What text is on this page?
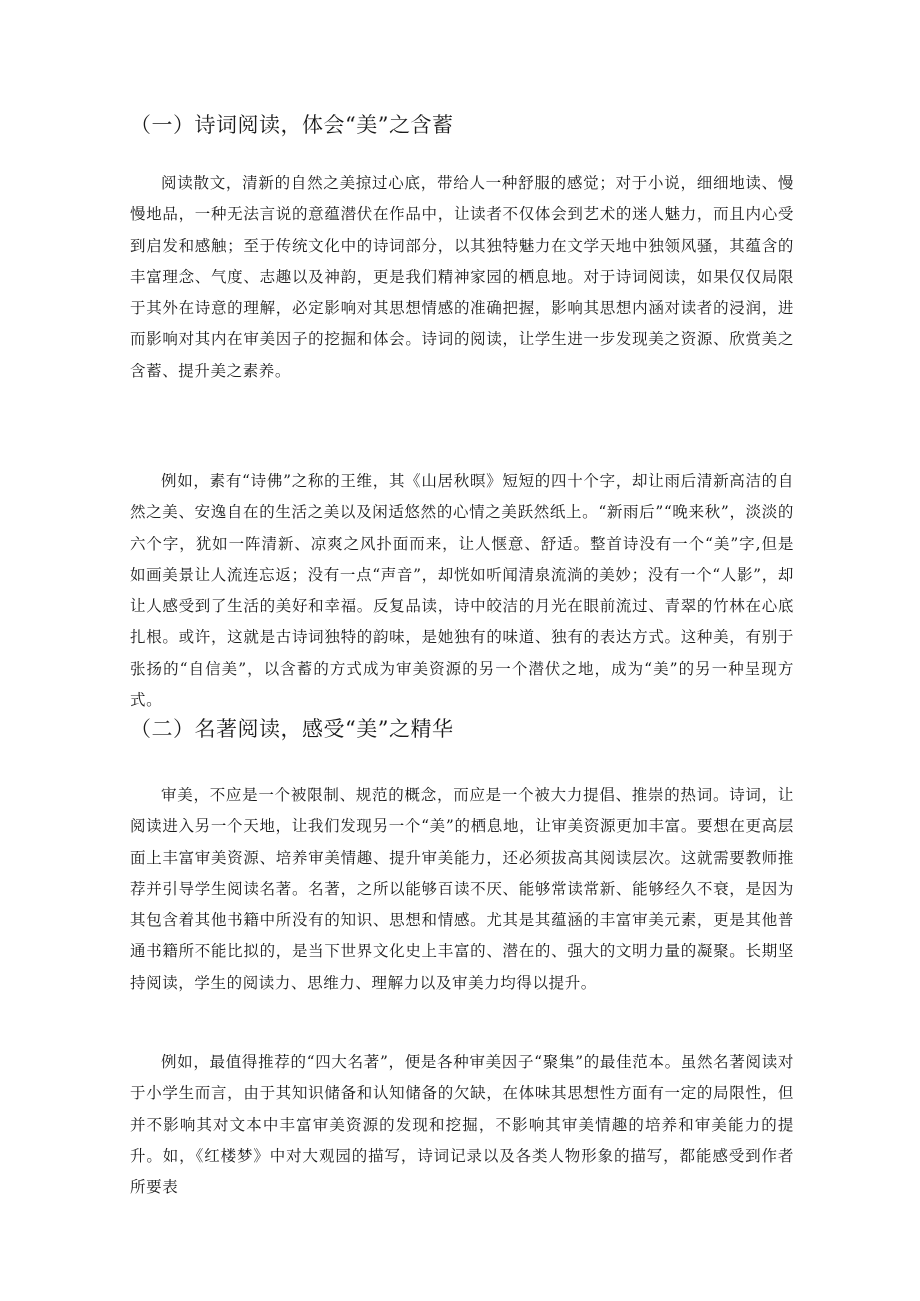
（一）诗词阅读，体会“美”之含蓄

阅读散文，清新的自然之美掠过心底，带给人一种舒服的感觉；对于小说，细细地读、慢慢地品，一种无法言说的意蕴潜伏在作品中，让读者不仅体会到艺术的迷人魅力，而且内心受到启发和感触；至于传统文化中的诗词部分，以其独特魅力在文学天地中独领风骚，其蕴含的丰富理念、气度、志趣以及神韵，更是我们精神家园的栖息地。对于诗词阅读，如果仅仅局限于其外在诗意的理解，必定影响对其思想情感的准确把握，影响其思想内涵对读者的浸润，进而影响对其内在审美因子的挖掘和体会。诗词的阅读，让学生进一步发现美之资源、欣赏美之含蓄、提升美之素养。

例如，素有“诗佛”之称的王维，其《山居秋暝》短短的四十个字，却让雨后清新高洁的自然之美、安逸自在的生活之美以及闲适悠然的心情之美跃然纸上。“新雨后”“晚来秋”，淡淡的六个字，犹如一阵清新、凉爽之风扑面而来，让人惬意、舒适。整首诗没有一个“美”字,但是如画美景让人流连忘返；没有一点“声音”，却恍如听闻清泉流淌的美妙；没有一个“人影”，却让人感受到了生活的美好和幸福。反复品读，诗中皎洁的月光在眼前流过、青翠的竹林在心底扎根。或许，这就是古诗词独特的韵味，是她独有的味道、独有的表达方式。这种美，有别于张扬的“自信美”，以含蓄的方式成为审美资源的另一个潜伏之地，成为“美”的另一种呈现方式。

（二）名著阅读，感受“美”之精华

审美，不应是一个被限制、规范的概念，而应是一个被大力提倡、推崇的热词。诗词，让阅读进入另一个天地，让我们发现另一个“美”的栖息地，让审美资源更加丰富。要想在更高层面上丰富审美资源、培养审美情趣、提升审美能力，还必须拔高其阅读层次。这就需要教师推荐并引导学生阅读名著。名著，之所以能够百读不厌、能够常读常新、能够经久不衰，是因为其包含着其他书籍中所没有的知识、思想和情感。尤其是其蕴涵的丰富审美元素，更是其他普通书籍所不能比拟的，是当下世界文化史上丰富的、潜在的、强大的文明力量的凝聚。长期坚持阅读，学生的阅读力、思维力、理解力以及审美力均得以提升。

例如，最值得推荐的“四大名著”，便是各种审美因子“聚集”的最佳范本。虽然名著阅读对于小学生而言，由于其知识储备和认知储备的欠缺，在体味其思想性方面有一定的局限性，但并不影响其对文本中丰富审美资源的发现和挖掘，不影响其审美情趣的培养和审美能力的提升。如，《红楼梦》中对大观园的描写，诗词记录以及各类人物形象的描写，都能感受到作者所要表
